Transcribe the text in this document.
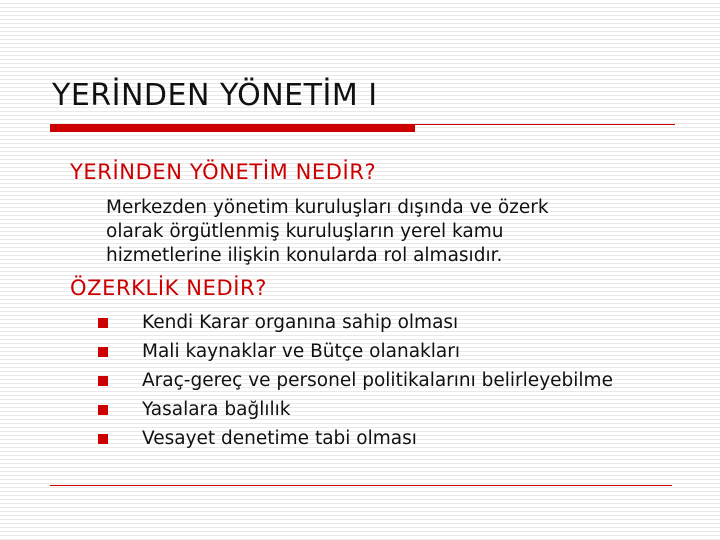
YERİNDEN YÖNETİM I
YERİNDEN YÖNETİM NEDİR?

Merkezden yönetim kuruluşları dışında ve özerk
olarak örgütlenmiş kuruluşların yerel kamu
hizmetlerine ilişkin konularda rol almasıdır.

ÖZERKLİK NEDİR?
Kendi Karar organına sahip olması
Mali kaynaklar ve Bütçe olanakları
Araç-gereç ve personel politikalarını belirleyebilme
Yasalara bağlılık
Vesayet denetime tabi olması
